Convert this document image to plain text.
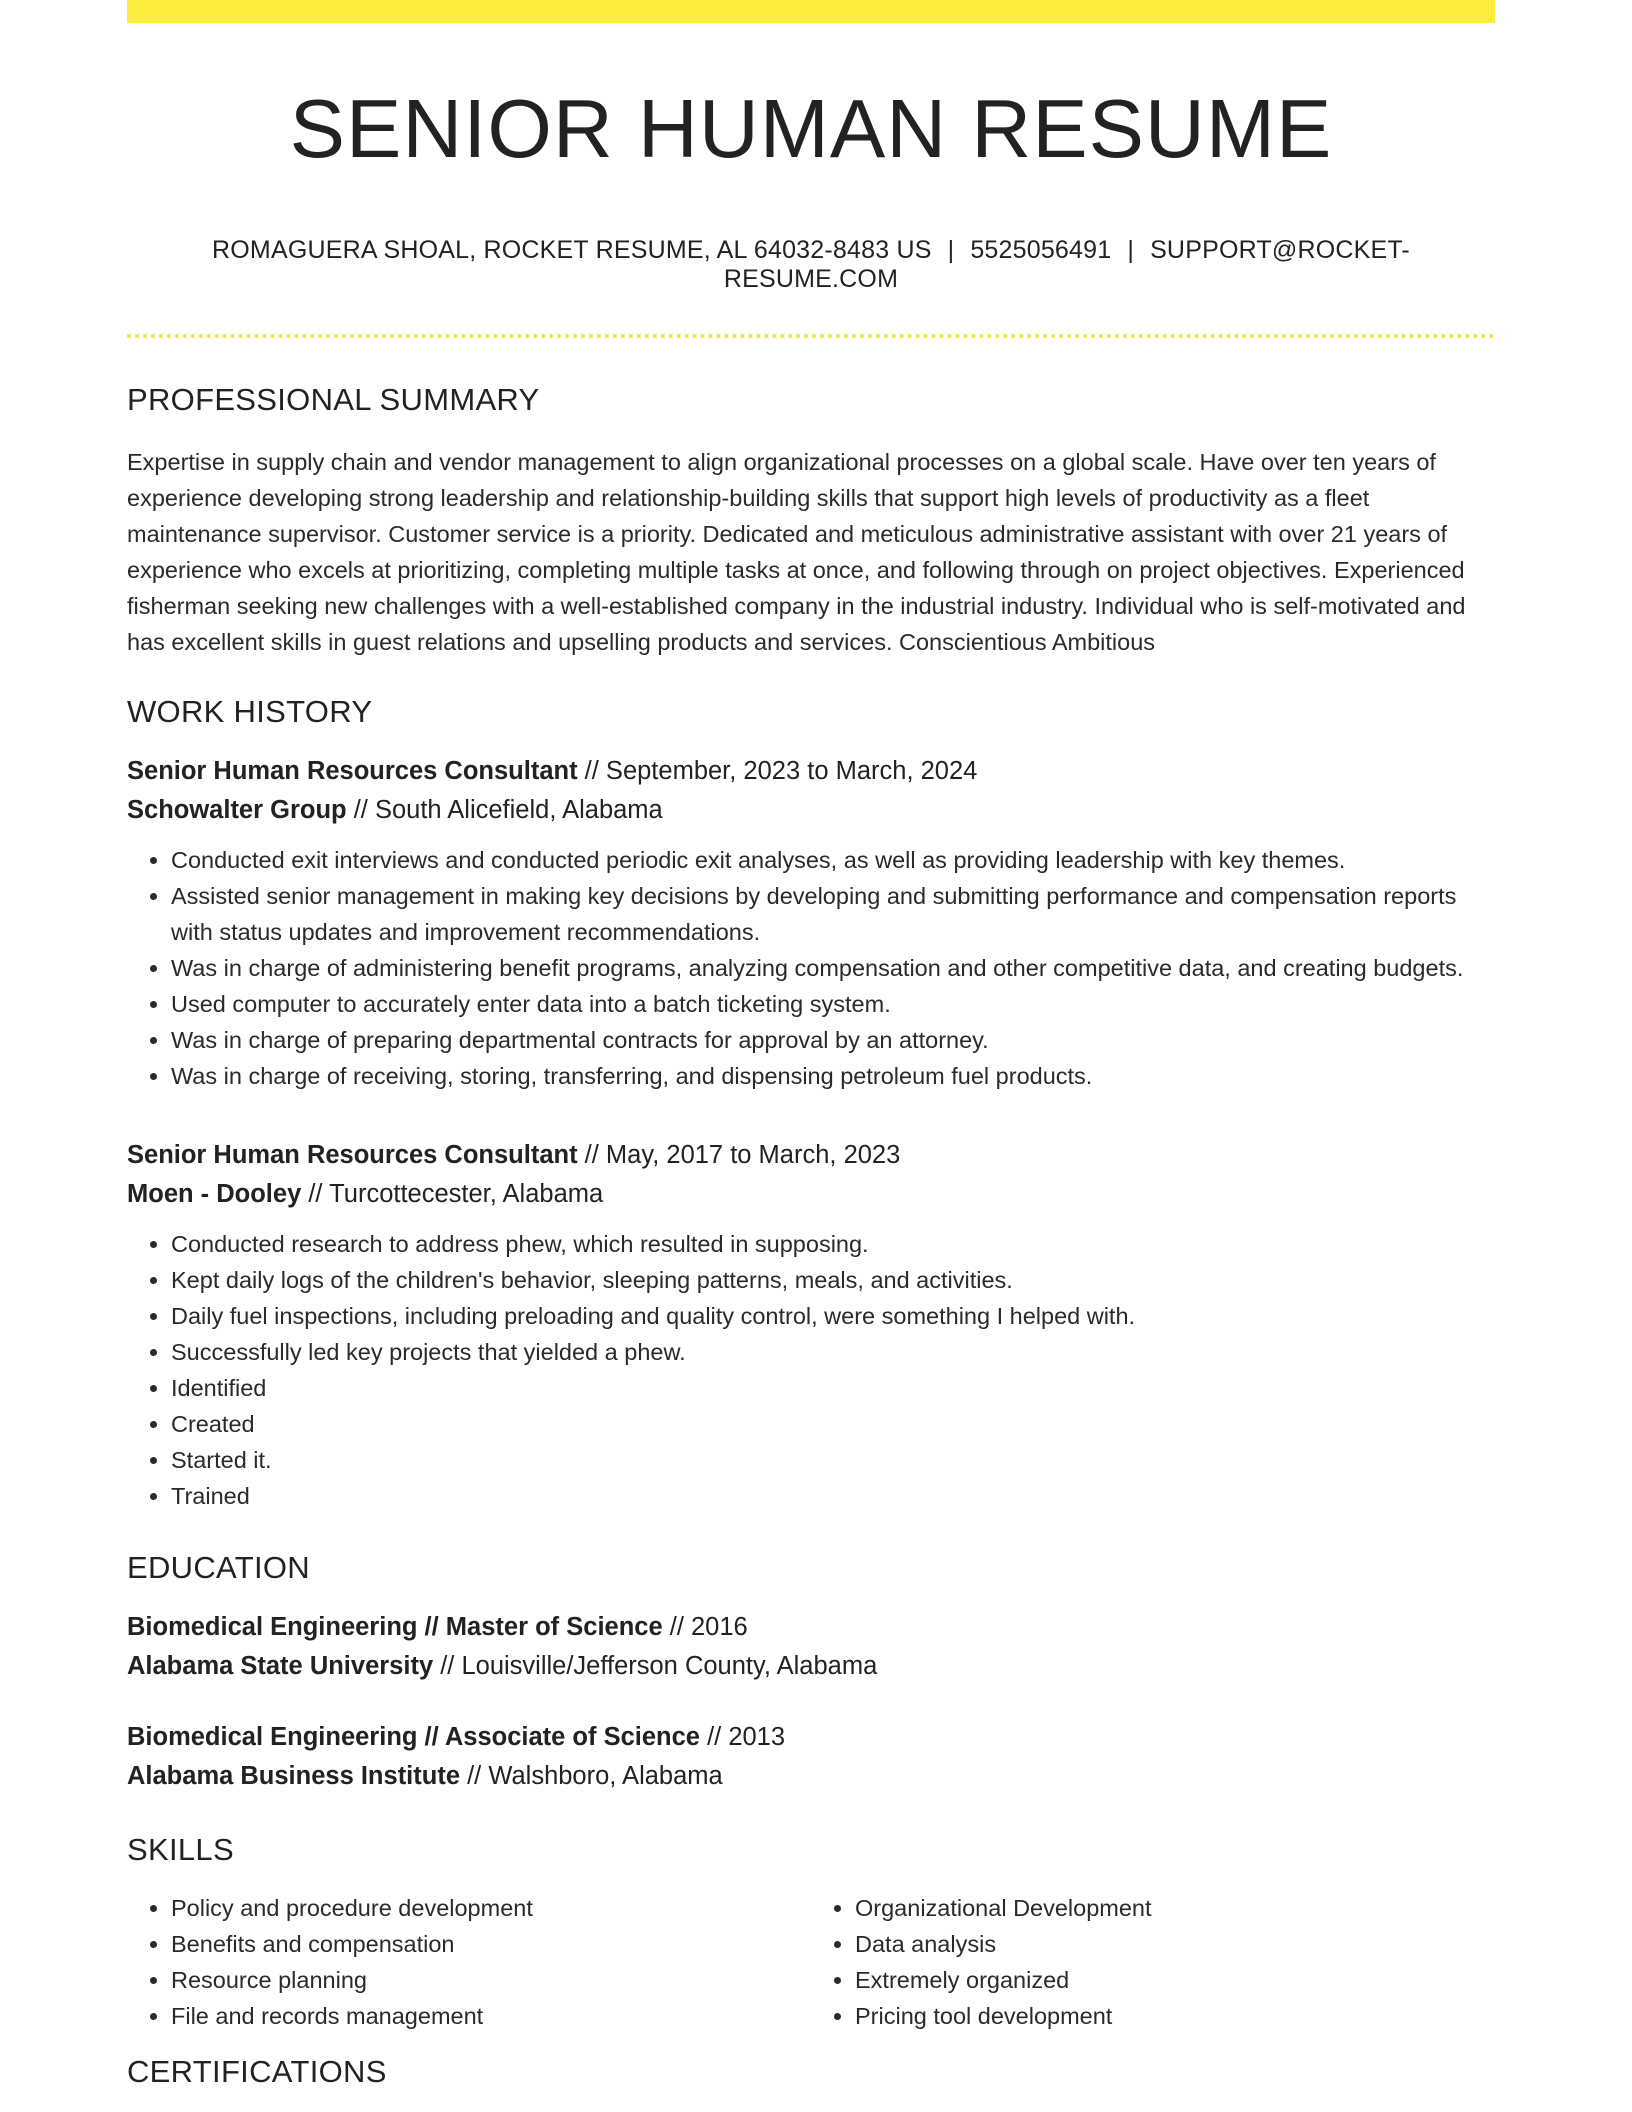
SENIOR HUMAN RESUME
ROMAGUERA SHOAL, ROCKET RESUME, AL 64032-8483 US | 5525056491 | SUPPORT@ROCKET-RESUME.COM
PROFESSIONAL SUMMARY
Expertise in supply chain and vendor management to align organizational processes on a global scale. Have over ten years of experience developing strong leadership and relationship-building skills that support high levels of productivity as a fleet maintenance supervisor. Customer service is a priority. Dedicated and meticulous administrative assistant with over 21 years of experience who excels at prioritizing, completing multiple tasks at once, and following through on project objectives. Experienced fisherman seeking new challenges with a well-established company in the industrial industry. Individual who is self-motivated and has excellent skills in guest relations and upselling products and services. Conscientious Ambitious
WORK HISTORY
Senior Human Resources Consultant // September, 2023 to March, 2024
Schowalter Group // South Alicefield, Alabama
• Conducted exit interviews and conducted periodic exit analyses, as well as providing leadership with key themes.
• Assisted senior management in making key decisions by developing and submitting performance and compensation reports with status updates and improvement recommendations.
• Was in charge of administering benefit programs, analyzing compensation and other competitive data, and creating budgets.
• Used computer to accurately enter data into a batch ticketing system.
• Was in charge of preparing departmental contracts for approval by an attorney.
• Was in charge of receiving, storing, transferring, and dispensing petroleum fuel products.
Senior Human Resources Consultant // May, 2017 to March, 2023
Moen - Dooley // Turcottecester, Alabama
• Conducted research to address phew, which resulted in supposing.
• Kept daily logs of the children's behavior, sleeping patterns, meals, and activities.
• Daily fuel inspections, including preloading and quality control, were something I helped with.
• Successfully led key projects that yielded a phew.
• Identified
• Created
• Started it.
• Trained
EDUCATION
Biomedical Engineering // Master of Science // 2016
Alabama State University // Louisville/Jefferson County, Alabama
Biomedical Engineering // Associate of Science // 2013
Alabama Business Institute // Walshboro, Alabama
SKILLS
• Policy and procedure development
• Benefits and compensation
• Resource planning
• File and records management
• Organizational Development
• Data analysis
• Extremely organized
• Pricing tool development
CERTIFICATIONS
